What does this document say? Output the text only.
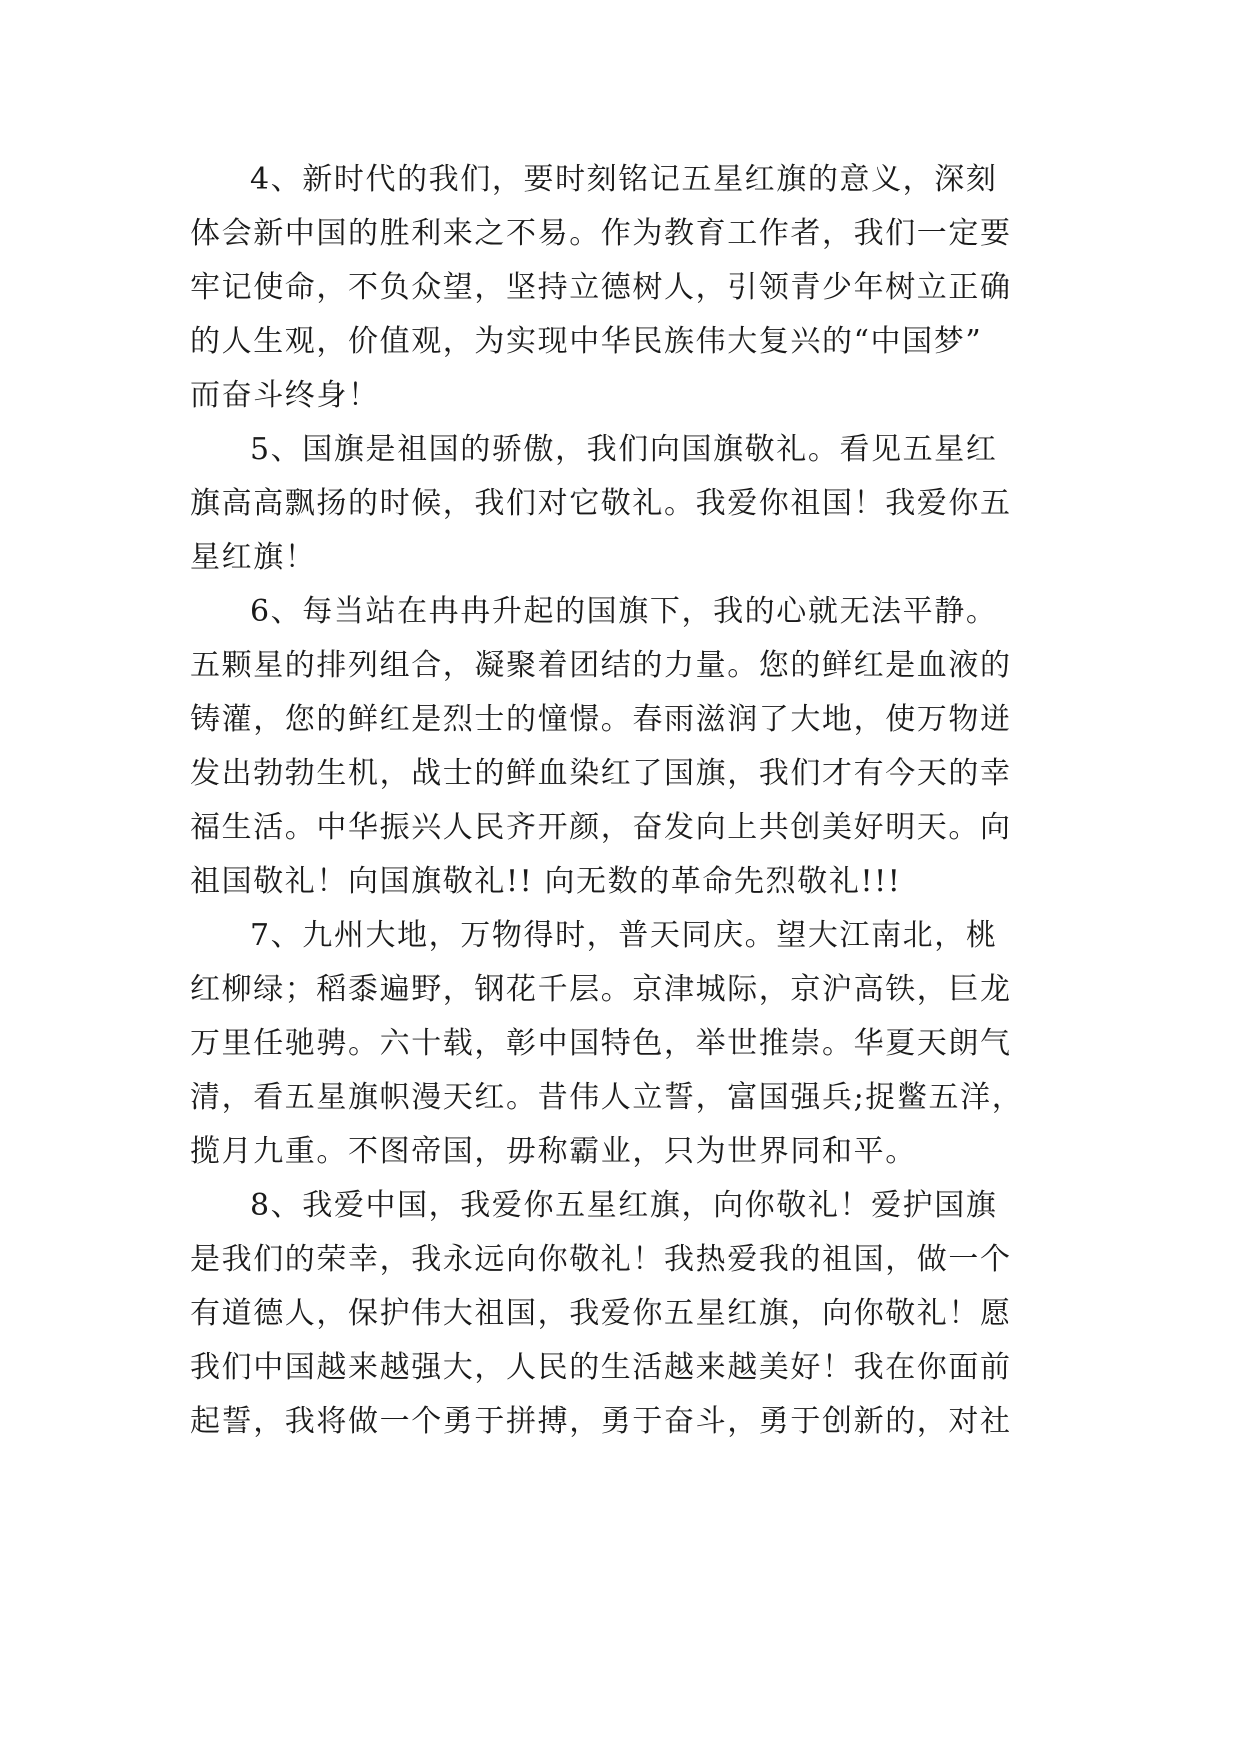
4、新时代的我们，要时刻铭记五星红旗的意义，深刻
体会新中国的胜利来之不易。作为教育工作者，我们一定要
牢记使命，不负众望，坚持立德树人，引领青少年树立正确
的人生观，价值观，为实现中华民族伟大复兴的“中国梦”
而奋斗终身！
5、国旗是祖国的骄傲，我们向国旗敬礼。看见五星红
旗高高飘扬的时候，我们对它敬礼。我爱你祖国！我爱你五
星红旗！
6、每当站在冉冉升起的国旗下，我的心就无法平静。
五颗星的排列组合，凝聚着团结的力量。您的鲜红是血液的
铸灌，您的鲜红是烈士的憧憬。春雨滋润了大地，使万物迸
发出勃勃生机，战士的鲜血染红了国旗，我们才有今天的幸
福生活。中华振兴人民齐开颜，奋发向上共创美好明天。向
祖国敬礼！向国旗敬礼!! 向无数的革命先烈敬礼!!!
7、九州大地，万物得时，普天同庆。望大江南北，桃
红柳绿；稻黍遍野，钢花千层。京津城际，京沪高铁，巨龙
万里任驰骋。六十载，彰中国特色，举世推崇。华夏天朗气
清，看五星旗帜漫天红。昔伟人立誓，富国强兵;捉鳖五洋，
揽月九重。不图帝国，毋称霸业，只为世界同和平。
8、我爱中国，我爱你五星红旗，向你敬礼！爱护国旗
是我们的荣幸，我永远向你敬礼！我热爱我的祖国，做一个
有道德人，保护伟大祖国，我爱你五星红旗，向你敬礼！愿
我们中国越来越强大，人民的生活越来越美好！我在你面前
起誓，我将做一个勇于拼搏，勇于奋斗，勇于创新的，对社
